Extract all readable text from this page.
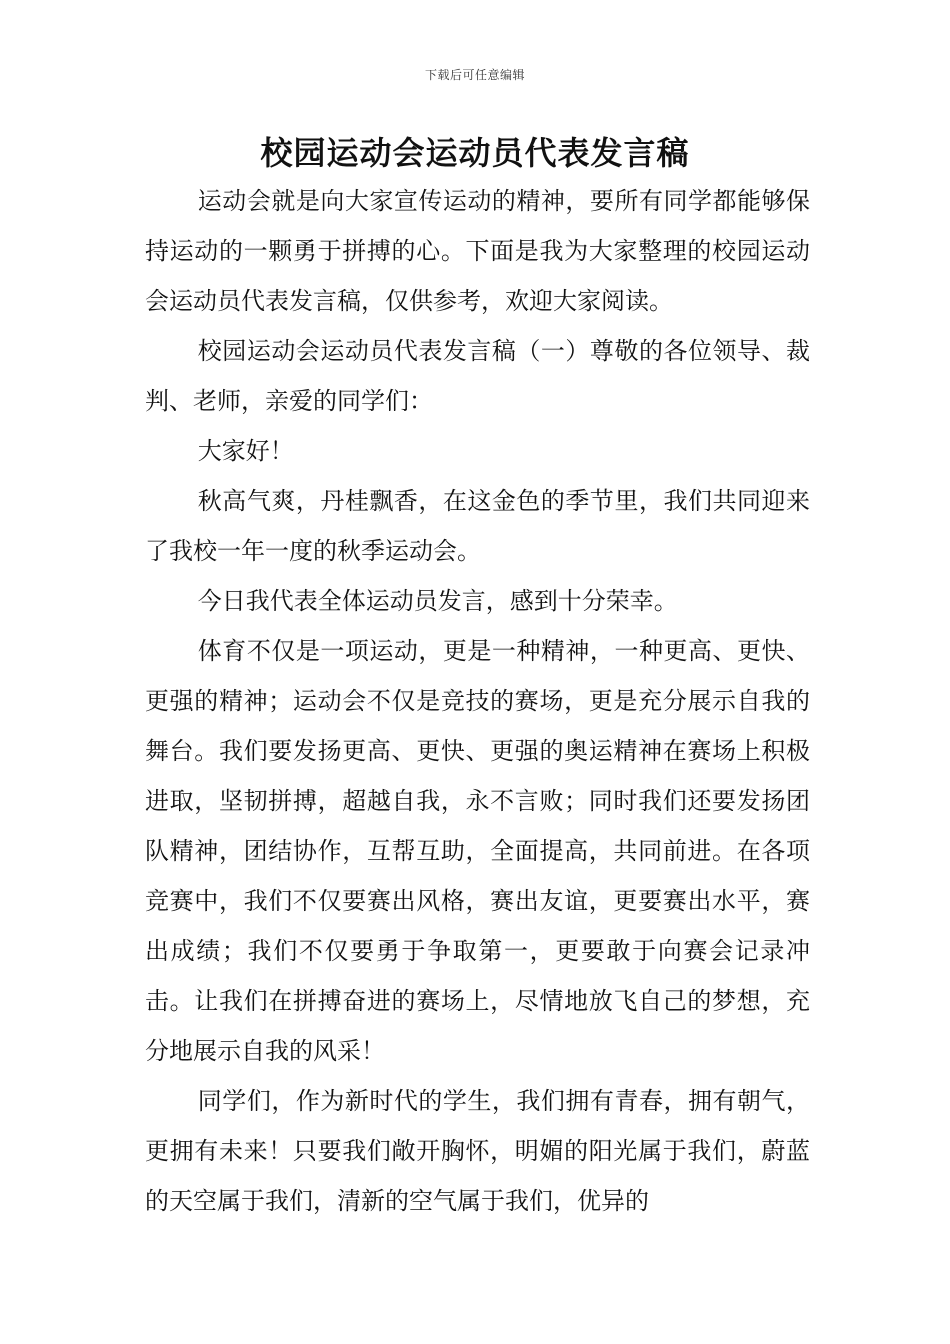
下载后可任意编辑
校园运动会运动员代表发言稿

运动会就是向大家宣传运动的精神，要所有同学都能够保持运动的一颗勇于拼搏的心。下面是我为大家整理的校园运动会运动员代表发言稿，仅供参考，欢迎大家阅读。

校园运动会运动员代表发言稿（一）尊敬的各位领导、裁判、老师，亲爱的同学们：

大家好！

秋高气爽，丹桂飘香，在这金色的季节里，我们共同迎来了我校一年一度的秋季运动会。

今日我代表全体运动员发言，感到十分荣幸。

体育不仅是一项运动，更是一种精神，一种更高、更快、更强的精神；运动会不仅是竞技的赛场，更是充分展示自我的舞台。我们要发扬更高、更快、更强的奥运精神在赛场上积极进取，坚韧拼搏，超越自我，永不言败；同时我们还要发扬团队精神，团结协作，互帮互助，全面提高，共同前进。在各项竞赛中，我们不仅要赛出风格，赛出友谊，更要赛出水平，赛出成绩；我们不仅要勇于争取第一，更要敢于向赛会记录冲击。让我们在拼搏奋进的赛场上，尽情地放飞自己的梦想，充分地展示自我的风采！

同学们，作为新时代的学生，我们拥有青春，拥有朝气，更拥有未来！只要我们敞开胸怀，明媚的阳光属于我们，蔚蓝的天空属于我们，清新的空气属于我们，优异的
